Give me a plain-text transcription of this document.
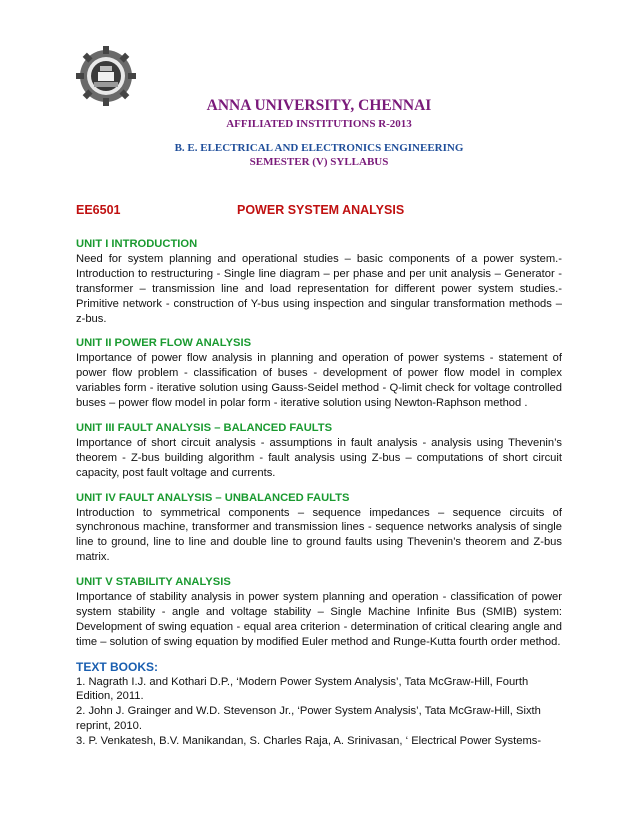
ANNA UNIVERSITY, CHENNAI
AFFILIATED INSTITUTIONS R-2013
B. E. ELECTRICAL AND ELECTRONICS ENGINEERING
SEMESTER (V) SYLLABUS
EE6501	POWER SYSTEM ANALYSIS
UNIT I INTRODUCTION

Need for system planning and operational studies – basic components of a power system.-Introduction to restructuring - Single line diagram – per phase and per unit analysis – Generator - transformer – transmission line and load representation for different power system studies.- Primitive network - construction of Y-bus using inspection and singular transformation methods – z-bus.

UNIT II POWER FLOW ANALYSIS

Importance of power flow analysis in planning and operation of power systems - statement of power flow problem - classification of buses - development of power flow model in complex variables form - iterative solution using Gauss-Seidel method - Q-limit check for voltage controlled buses – power flow model in polar form - iterative solution using Newton-Raphson method .

UNIT III FAULT ANALYSIS – BALANCED FAULTS

Importance of short circuit analysis - assumptions in fault analysis - analysis using Thevenin’s theorem - Z-bus building algorithm - fault analysis using Z-bus – computations of short circuit capacity, post fault voltage and currents.

UNIT IV FAULT ANALYSIS – UNBALANCED FAULTS

Introduction to symmetrical components – sequence impedances – sequence circuits of synchronous machine, transformer and transmission lines - sequence networks analysis of single line to ground, line to line and double line to ground faults using Thevenin’s theorem and Z-bus matrix.

UNIT V STABILITY ANALYSIS

Importance of stability analysis in power system planning and operation - classification of power system stability - angle and voltage stability – Single Machine Infinite Bus (SMIB) system: Development of swing equation - equal area criterion - determination of critical clearing angle and time – solution of swing equation by modified Euler method and Runge-Kutta fourth order method.

TEXT BOOKS:

1. Nagrath I.J. and Kothari D.P., ‘Modern Power System Analysis’, Tata McGraw-Hill, Fourth Edition, 2011.

2. John J. Grainger and W.D. Stevenson Jr., ‘Power System Analysis’, Tata McGraw-Hill, Sixth reprint, 2010.

3. P. Venkatesh, B.V. Manikandan, S. Charles Raja, A. Srinivasan, ‘ Electrical Power Systems-
